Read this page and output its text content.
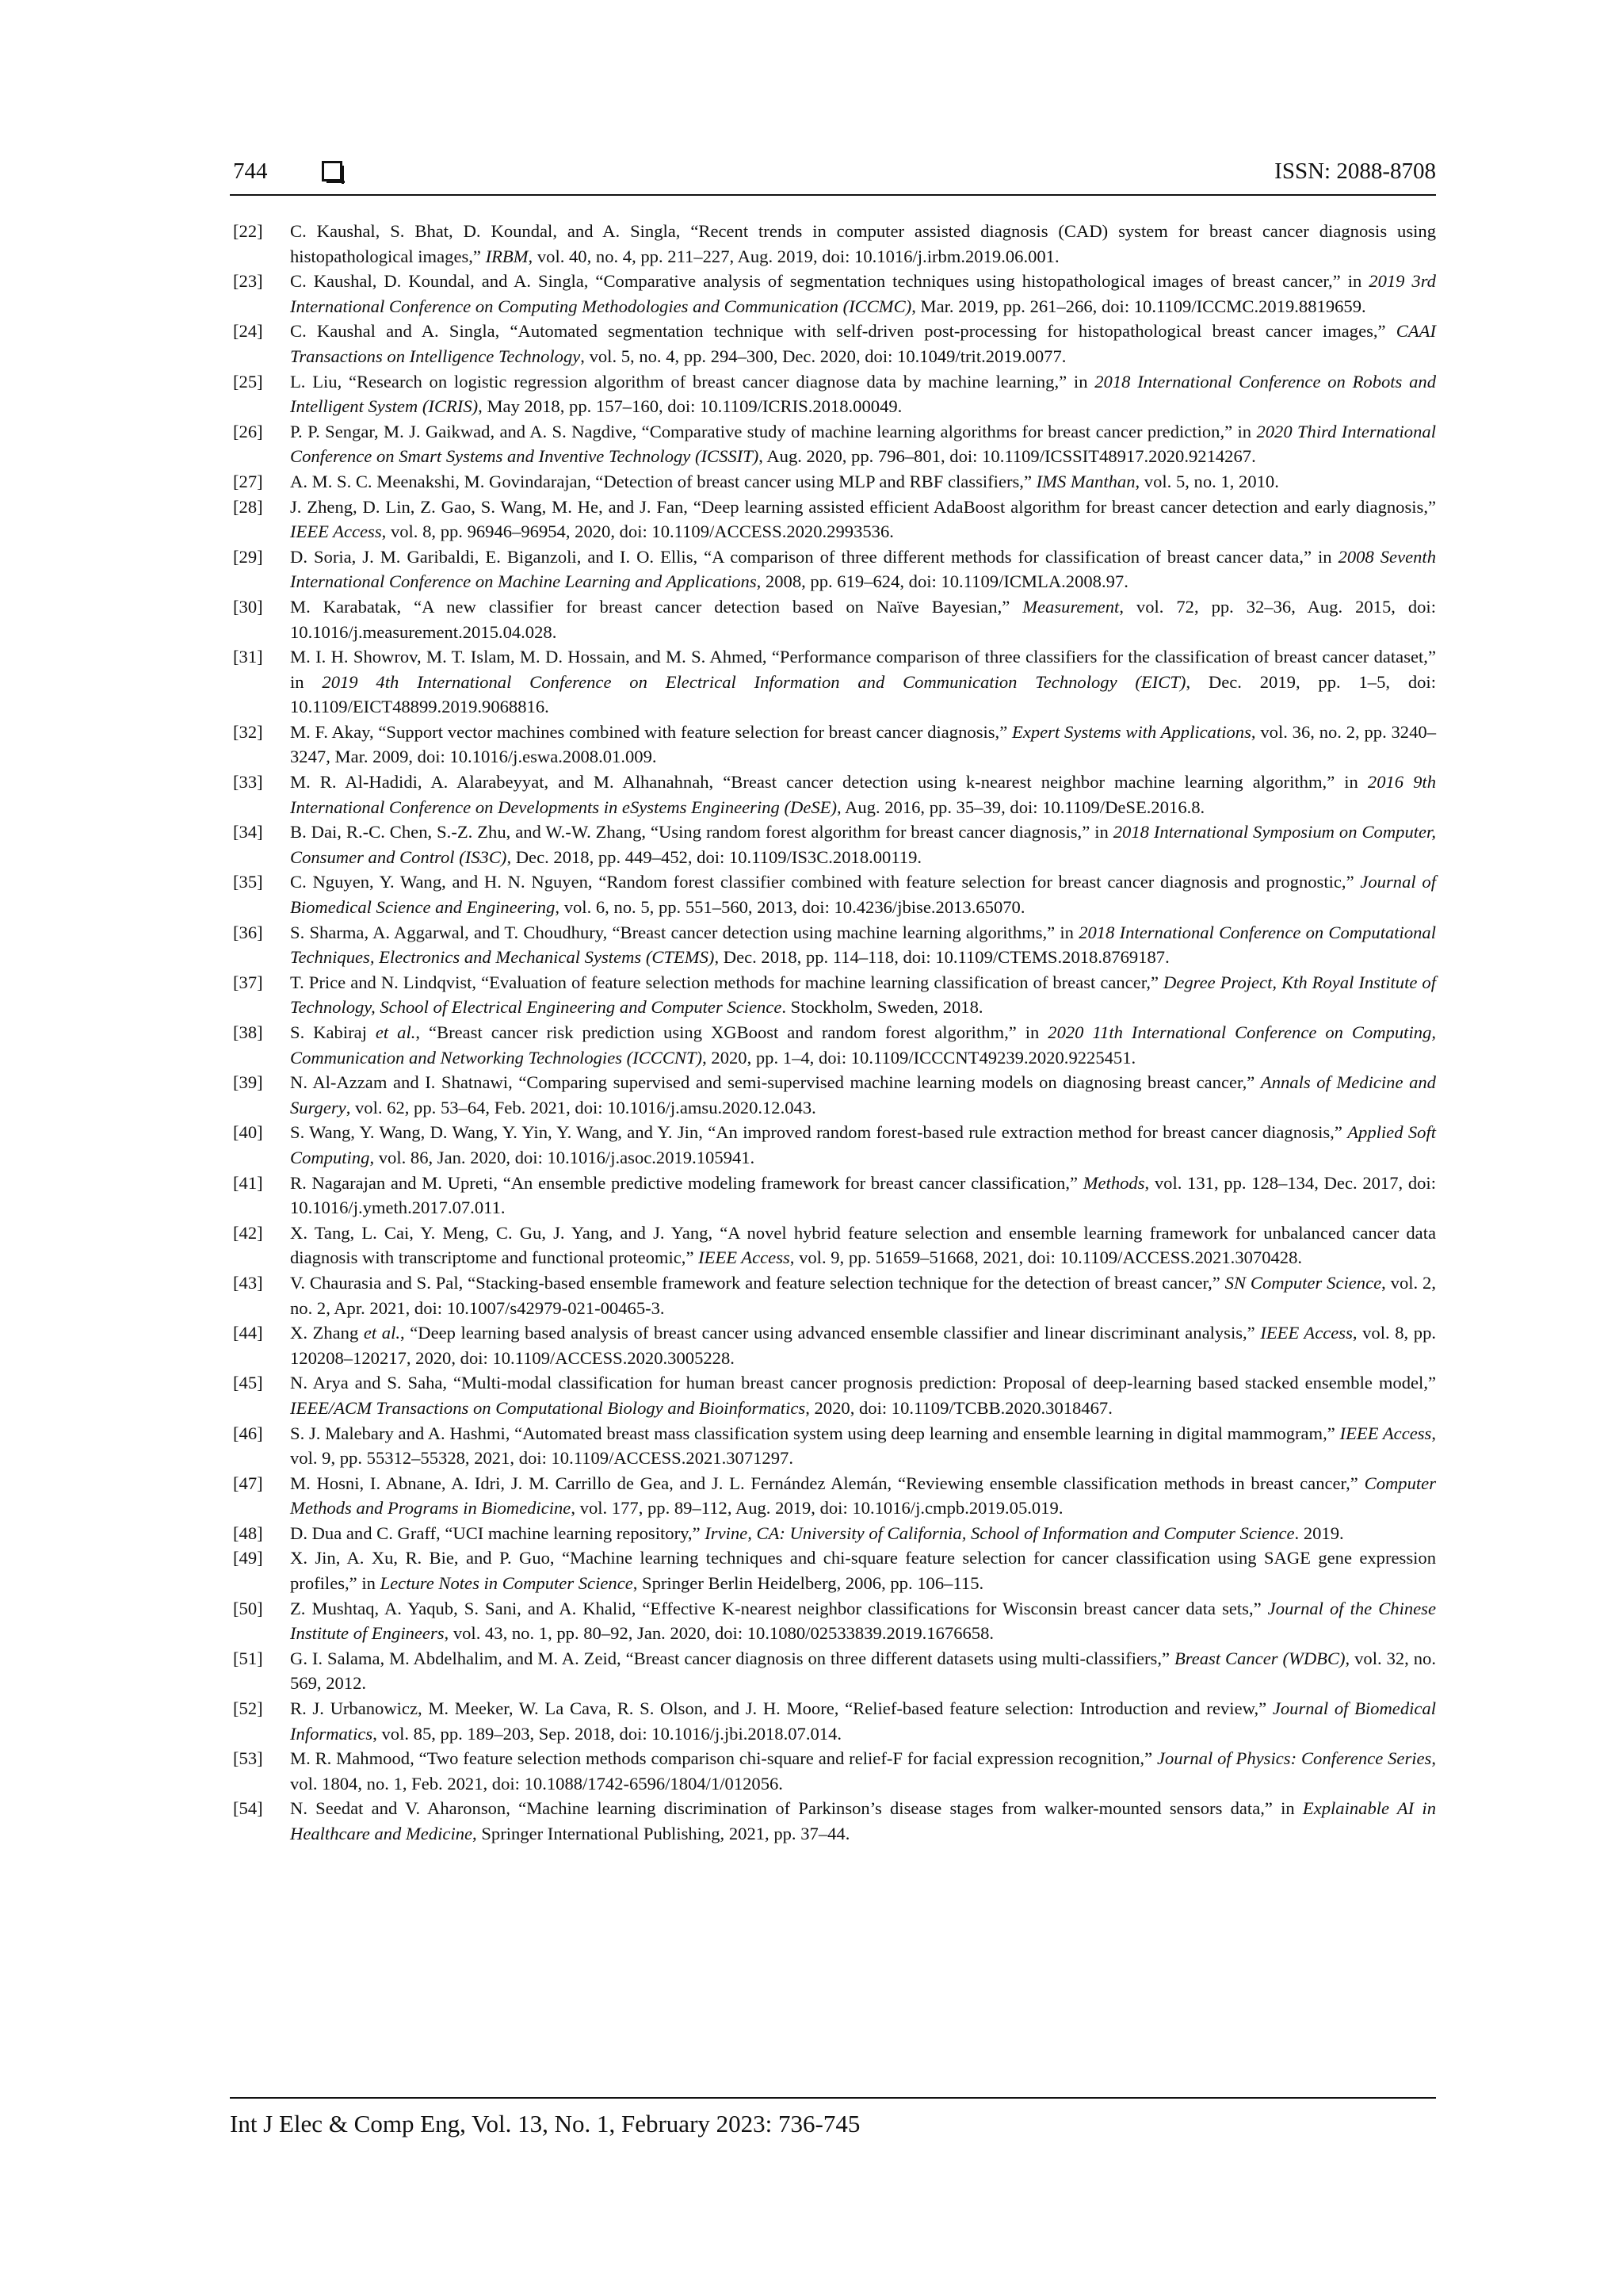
744	ISSN: 2088-8708
[22]	C. Kaushal, S. Bhat, D. Koundal, and A. Singla, “Recent trends in computer assisted diagnosis (CAD) system for breast cancer diagnosis using histopathological images,” IRBM, vol. 40, no. 4, pp. 211–227, Aug. 2019, doi: 10.1016/j.irbm.2019.06.001.
[23]	C. Kaushal, D. Koundal, and A. Singla, “Comparative analysis of segmentation techniques using histopathological images of breast cancer,” in 2019 3rd International Conference on Computing Methodologies and Communication (ICCMC), Mar. 2019, pp. 261–266, doi: 10.1109/ICCMC.2019.8819659.
[24]	C. Kaushal and A. Singla, “Automated segmentation technique with self-driven post-processing for histopathological breast cancer images,” CAAI Transactions on Intelligence Technology, vol. 5, no. 4, pp. 294–300, Dec. 2020, doi: 10.1049/trit.2019.0077.
[25]	L. Liu, “Research on logistic regression algorithm of breast cancer diagnose data by machine learning,” in 2018 International Conference on Robots and Intelligent System (ICRIS), May 2018, pp. 157–160, doi: 10.1109/ICRIS.2018.00049.
[26]	P. P. Sengar, M. J. Gaikwad, and A. S. Nagdive, “Comparative study of machine learning algorithms for breast cancer prediction,” in 2020 Third International Conference on Smart Systems and Inventive Technology (ICSSIT), Aug. 2020, pp. 796–801, doi: 10.1109/ICSSIT48917.2020.9214267.
[27]	A. M. S. C. Meenakshi, M. Govindarajan, “Detection of breast cancer using MLP and RBF classifiers,” IMS Manthan, vol. 5, no. 1, 2010.
[28]	J. Zheng, D. Lin, Z. Gao, S. Wang, M. He, and J. Fan, “Deep learning assisted efficient AdaBoost algorithm for breast cancer detection and early diagnosis,” IEEE Access, vol. 8, pp. 96946–96954, 2020, doi: 10.1109/ACCESS.2020.2993536.
[29]	D. Soria, J. M. Garibaldi, E. Biganzoli, and I. O. Ellis, “A comparison of three different methods for classification of breast cancer data,” in 2008 Seventh International Conference on Machine Learning and Applications, 2008, pp. 619–624, doi: 10.1109/ICMLA.2008.97.
[30]	M. Karabatak, “A new classifier for breast cancer detection based on Naïve Bayesian,” Measurement, vol. 72, pp. 32–36, Aug. 2015, doi: 10.1016/j.measurement.2015.04.028.
[31]	M. I. H. Showrov, M. T. Islam, M. D. Hossain, and M. S. Ahmed, “Performance comparison of three classifiers for the classification of breast cancer dataset,” in 2019 4th International Conference on Electrical Information and Communication Technology (EICT), Dec. 2019, pp. 1–5, doi: 10.1109/EICT48899.2019.9068816.
[32]	M. F. Akay, “Support vector machines combined with feature selection for breast cancer diagnosis,” Expert Systems with Applications, vol. 36, no. 2, pp. 3240–3247, Mar. 2009, doi: 10.1016/j.eswa.2008.01.009.
[33]	M. R. Al-Hadidi, A. Alarabeyyat, and M. Alhanahnah, “Breast cancer detection using k-nearest neighbor machine learning algorithm,” in 2016 9th International Conference on Developments in eSystems Engineering (DeSE), Aug. 2016, pp. 35–39, doi: 10.1109/DeSE.2016.8.
[34]	B. Dai, R.-C. Chen, S.-Z. Zhu, and W.-W. Zhang, “Using random forest algorithm for breast cancer diagnosis,” in 2018 International Symposium on Computer, Consumer and Control (IS3C), Dec. 2018, pp. 449–452, doi: 10.1109/IS3C.2018.00119.
[35]	C. Nguyen, Y. Wang, and H. N. Nguyen, “Random forest classifier combined with feature selection for breast cancer diagnosis and prognostic,” Journal of Biomedical Science and Engineering, vol. 6, no. 5, pp. 551–560, 2013, doi: 10.4236/jbise.2013.65070.
[36]	S. Sharma, A. Aggarwal, and T. Choudhury, “Breast cancer detection using machine learning algorithms,” in 2018 International Conference on Computational Techniques, Electronics and Mechanical Systems (CTEMS), Dec. 2018, pp. 114–118, doi: 10.1109/CTEMS.2018.8769187.
[37]	T. Price and N. Lindqvist, “Evaluation of feature selection methods for machine learning classification of breast cancer,” Degree Project, Kth Royal Institute of Technology, School of Electrical Engineering and Computer Science. Stockholm, Sweden, 2018.
[38]	S. Kabiraj et al., “Breast cancer risk prediction using XGBoost and random forest algorithm,” in 2020 11th International Conference on Computing, Communication and Networking Technologies (ICCCNT), 2020, pp. 1–4, doi: 10.1109/ICCCNT49239.2020.9225451.
[39]	N. Al-Azzam and I. Shatnawi, “Comparing supervised and semi-supervised machine learning models on diagnosing breast cancer,” Annals of Medicine and Surgery, vol. 62, pp. 53–64, Feb. 2021, doi: 10.1016/j.amsu.2020.12.043.
[40]	S. Wang, Y. Wang, D. Wang, Y. Yin, Y. Wang, and Y. Jin, “An improved random forest-based rule extraction method for breast cancer diagnosis,” Applied Soft Computing, vol. 86, Jan. 2020, doi: 10.1016/j.asoc.2019.105941.
[41]	R. Nagarajan and M. Upreti, “An ensemble predictive modeling framework for breast cancer classification,” Methods, vol. 131, pp. 128–134, Dec. 2017, doi: 10.1016/j.ymeth.2017.07.011.
[42]	X. Tang, L. Cai, Y. Meng, C. Gu, J. Yang, and J. Yang, “A novel hybrid feature selection and ensemble learning framework for unbalanced cancer data diagnosis with transcriptome and functional proteomic,” IEEE Access, vol. 9, pp. 51659–51668, 2021, doi: 10.1109/ACCESS.2021.3070428.
[43]	V. Chaurasia and S. Pal, “Stacking-based ensemble framework and feature selection technique for the detection of breast cancer,” SN Computer Science, vol. 2, no. 2, Apr. 2021, doi: 10.1007/s42979-021-00465-3.
[44]	X. Zhang et al., “Deep learning based analysis of breast cancer using advanced ensemble classifier and linear discriminant analysis,” IEEE Access, vol. 8, pp. 120208–120217, 2020, doi: 10.1109/ACCESS.2020.3005228.
[45]	N. Arya and S. Saha, “Multi-modal classification for human breast cancer prognosis prediction: Proposal of deep-learning based stacked ensemble model,” IEEE/ACM Transactions on Computational Biology and Bioinformatics, 2020, doi: 10.1109/TCBB.2020.3018467.
[46]	S. J. Malebary and A. Hashmi, “Automated breast mass classification system using deep learning and ensemble learning in digital mammogram,” IEEE Access, vol. 9, pp. 55312–55328, 2021, doi: 10.1109/ACCESS.2021.3071297.
[47]	M. Hosni, I. Abnane, A. Idri, J. M. Carrillo de Gea, and J. L. Fernández Alemán, “Reviewing ensemble classification methods in breast cancer,” Computer Methods and Programs in Biomedicine, vol. 177, pp. 89–112, Aug. 2019, doi: 10.1016/j.cmpb.2019.05.019.
[48]	D. Dua and C. Graff, “UCI machine learning repository,” Irvine, CA: University of California, School of Information and Computer Science. 2019.
[49]	X. Jin, A. Xu, R. Bie, and P. Guo, “Machine learning techniques and chi-square feature selection for cancer classification using SAGE gene expression profiles,” in Lecture Notes in Computer Science, Springer Berlin Heidelberg, 2006, pp. 106–115.
[50]	Z. Mushtaq, A. Yaqub, S. Sani, and A. Khalid, “Effective K-nearest neighbor classifications for Wisconsin breast cancer data sets,” Journal of the Chinese Institute of Engineers, vol. 43, no. 1, pp. 80–92, Jan. 2020, doi: 10.1080/02533839.2019.1676658.
[51]	G. I. Salama, M. Abdelhalim, and M. A. Zeid, “Breast cancer diagnosis on three different datasets using multi-classifiers,” Breast Cancer (WDBC), vol. 32, no. 569, 2012.
[52]	R. J. Urbanowicz, M. Meeker, W. La Cava, R. S. Olson, and J. H. Moore, “Relief-based feature selection: Introduction and review,” Journal of Biomedical Informatics, vol. 85, pp. 189–203, Sep. 2018, doi: 10.1016/j.jbi.2018.07.014.
[53]	M. R. Mahmood, “Two feature selection methods comparison chi-square and relief-F for facial expression recognition,” Journal of Physics: Conference Series, vol. 1804, no. 1, Feb. 2021, doi: 10.1088/1742-6596/1804/1/012056.
[54]	N. Seedat and V. Aharonson, “Machine learning discrimination of Parkinson’s disease stages from walker-mounted sensors data,” in Explainable AI in Healthcare and Medicine, Springer International Publishing, 2021, pp. 37–44.
Int J Elec & Comp Eng, Vol. 13, No. 1, February 2023: 736-745
